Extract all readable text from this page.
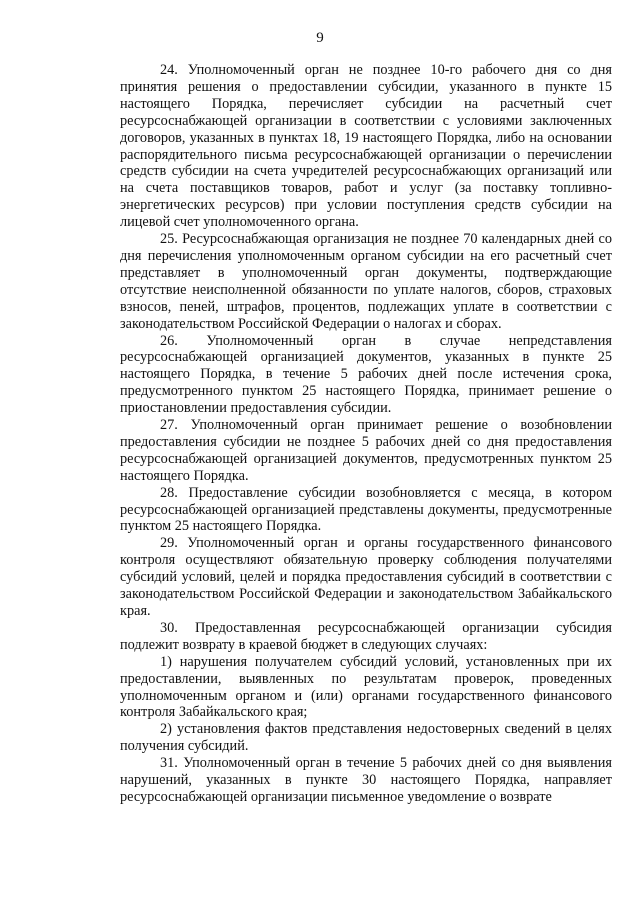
9

24. Уполномоченный орган не позднее 10-го рабочего дня со дня принятия решения о предоставлении субсидии, указанного в пункте 15 настоящего Порядка, перечисляет субсидии на расчетный счет ресурсоснабжающей организации в соответствии с условиями заключенных договоров, указанных в пунктах 18, 19 настоящего Порядка, либо на основании распорядительного письма ресурсоснабжающей организации о перечислении средств субсидии на счета учредителей ресурсоснабжающих организаций или на счета поставщиков товаров, работ и услуг (за поставку топливно-энергетических ресурсов) при условии поступления средств субсидии на лицевой счет уполномоченного органа.

25. Ресурсоснабжающая организация не позднее 70 календарных дней со дня перечисления уполномоченным органом субсидии на его расчетный счет представляет в уполномоченный орган документы, подтверждающие отсутствие неисполненной обязанности по уплате налогов, сборов, страховых взносов, пеней, штрафов, процентов, подлежащих уплате в соответствии с законодательством Российской Федерации о налогах и сборах.

26. Уполномоченный орган в случае непредставления ресурсоснабжающей организацией документов, указанных в пункте 25 настоящего Порядка, в течение 5 рабочих дней после истечения срока, предусмотренного пунктом 25 настоящего Порядка, принимает решение о приостановлении предоставления субсидии.

27. Уполномоченный орган принимает решение о возобновлении предоставления субсидии не позднее 5 рабочих дней со дня предоставления ресурсоснабжающей организацией документов, предусмотренных пунктом 25 настоящего Порядка.

28. Предоставление субсидии возобновляется с месяца, в котором ресурсоснабжающей организацией представлены документы, предусмотренные пунктом 25 настоящего Порядка.

29. Уполномоченный орган и органы государственного финансового контроля осуществляют обязательную проверку соблюдения получателями субсидий условий, целей и порядка предоставления субсидий в соответствии с законодательством Российской Федерации и законодательством Забайкальского края.

30. Предоставленная ресурсоснабжающей организации субсидия подлежит возврату в краевой бюджет в следующих случаях:

1) нарушения получателем субсидий условий, установленных при их предоставлении, выявленных по результатам проверок, проведенных уполномоченным органом и (или) органами государственного финансового контроля Забайкальского края;

2) установления фактов представления недостоверных сведений в целях получения субсидий.

31. Уполномоченный орган в течение 5 рабочих дней со дня выявления нарушений, указанных в пункте 30 настоящего Порядка, направляет ресурсоснабжающей организации письменное уведомление о возврате
